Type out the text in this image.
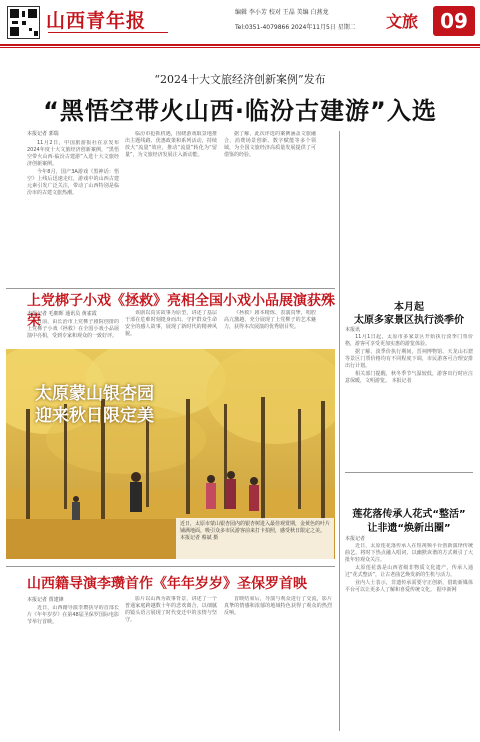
山西青年报	编辑 李小芳 校对 王晶 美编 白燕龙
Tel:0351-4079866 2024年11月5日 星期二 文旅	09
“2024十大文旅经济创新案例”发布
“黑悟空带火山西·临汾古建游”入选
本报记者 郭瑞

11月2日，中国旅游报社在京发布2024年度十大文旅经济创新案例，“黑悟空带火山西·临汾古建游”入选十大文旅经济创新案例。

今年8月，国产3A游戏《黑神话：悟空》上线后迅速走红，游戏中的山西古建元素引发广泛关注，带动了山西特别是临汾市的古建文旅热潮。

临汾市抢抓机遇，围绕游戏取景地推出主题线路、优惠政策和系列活动，持续放大“流量”效应，推动“流量”转化为“留量”，为文旅经济发展注入新动能。

据了解，此次评选的案例涵盖文旅融合、消费场景创新、数字赋能等多个领域，为全国文旅经济高质量发展提供了可借鉴的经验。

本月起
太原多家景区执行淡季价
本报讯

11月1日起，太原市多家景区开始执行淡季门票价格，游客可享受更加实惠的游览体验。

据了解，淡季价执行期间，晋祠博物馆、天龙山石窟等景区门票价格均有不同程度下调，市民游客可合理安排出行计划。

相关部门提醒，秋冬季节气温较低，游客出行时应注意保暖，文明游览。 本报记者

莲花落传承人花式“整活”
让非遗“焕新出圈”
本报记者

近日，太原莲花落传承人在短视频平台创新演绎传统曲艺，将时下热点融入唱词，以幽默诙谐的方式吸引了大批年轻观众关注。

太原莲花落是山西省级非物质文化遗产，传承人通过“花式整活”，让古老曲艺焕发新的生机与活力。

业内人士表示，非遗传承需要守正创新，借助新媒体平台可以让更多人了解和喜爱传统文化。 据中新网

上党梆子小戏《拯救》亮相全国小戏小品展演获殊荣
本报记者 毛朝晖 通讯员 黄雀霞

日前，由长治市上党梆子剧院创排的上党梆子小戏《拯救》在全国小戏小品展演中亮相，受到专家和观众的一致好评。

该剧以真实故事为原型，讲述了基层干部在危难时刻挺身而出、守护群众生命安全的感人故事，展现了新时代的精神风貌。

《拯救》剧本精炼、表演真挚，唱腔高亢激越，充分展现了上党梆子的艺术魅力，获得本次展演的优秀剧目奖。

太原蒙山银杏园
迎来秋日限定美
近日，太原市蒙山银杏园内的银杏树进入最佳观赏期，金黄色的叶片铺满地面，吸引众多市民游客前来打卡拍照，感受秋日限定之美。 本报记者 蔡斌 摄
山西籍导演李瓒首作《年年岁岁》圣保罗首映
本报记者 贾建锋

近日，山西籍导演李瓒执导的首部长片《年年岁岁》在第48届圣保罗国际电影节举行首映。

影片以山西为故事背景，讲述了一个普通家庭跨越数十年的悲欢离合，以细腻的镜头语言展现了时代变迁中的亲情与坚守。

首映结束后，导演与观众进行了交流，影片真挚的情感和浓郁的地域特色获得了观众的热烈反响。
